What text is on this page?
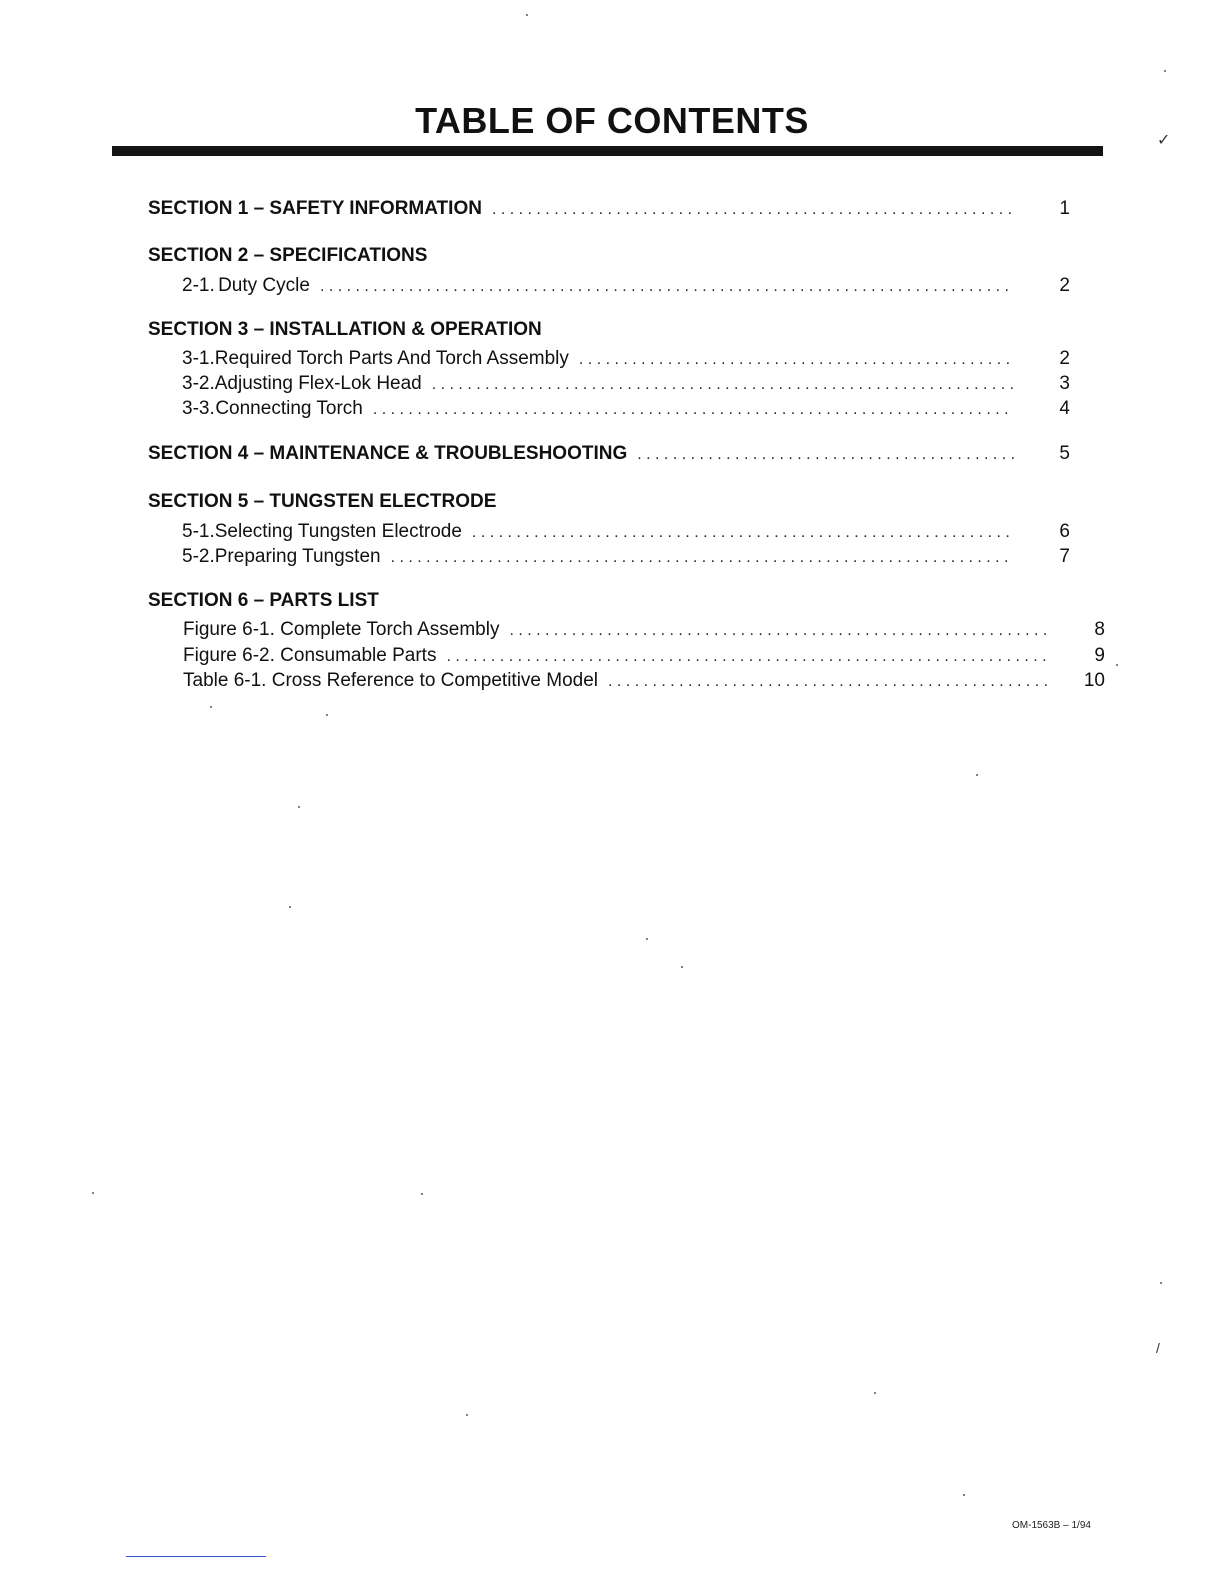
TABLE OF CONTENTS
SECTION 1 – SAFETY INFORMATION . . .	1
SECTION 2 – SPECIFICATIONS
2-1. Duty Cycle . . .	2
SECTION 3 – INSTALLATION & OPERATION
3-1. Required Torch Parts And Torch Assembly . . .	2
3-2. Adjusting Flex-Lok Head . . .	3
3-3. Connecting Torch . . .	4
SECTION 4 – MAINTENANCE & TROUBLESHOOTING . . .	5
SECTION 5 – TUNGSTEN ELECTRODE
5-1. Selecting Tungsten Electrode . . .	6
5-2. Preparing Tungsten . . .	7
SECTION 6 – PARTS LIST
Figure 6-1. Complete Torch Assembly . . .	8
Figure 6-2. Consumable Parts . . .	9
Table 6-1. Cross Reference to Competitive Model . . .	10
OM-1563B – 1/94
✓
/
